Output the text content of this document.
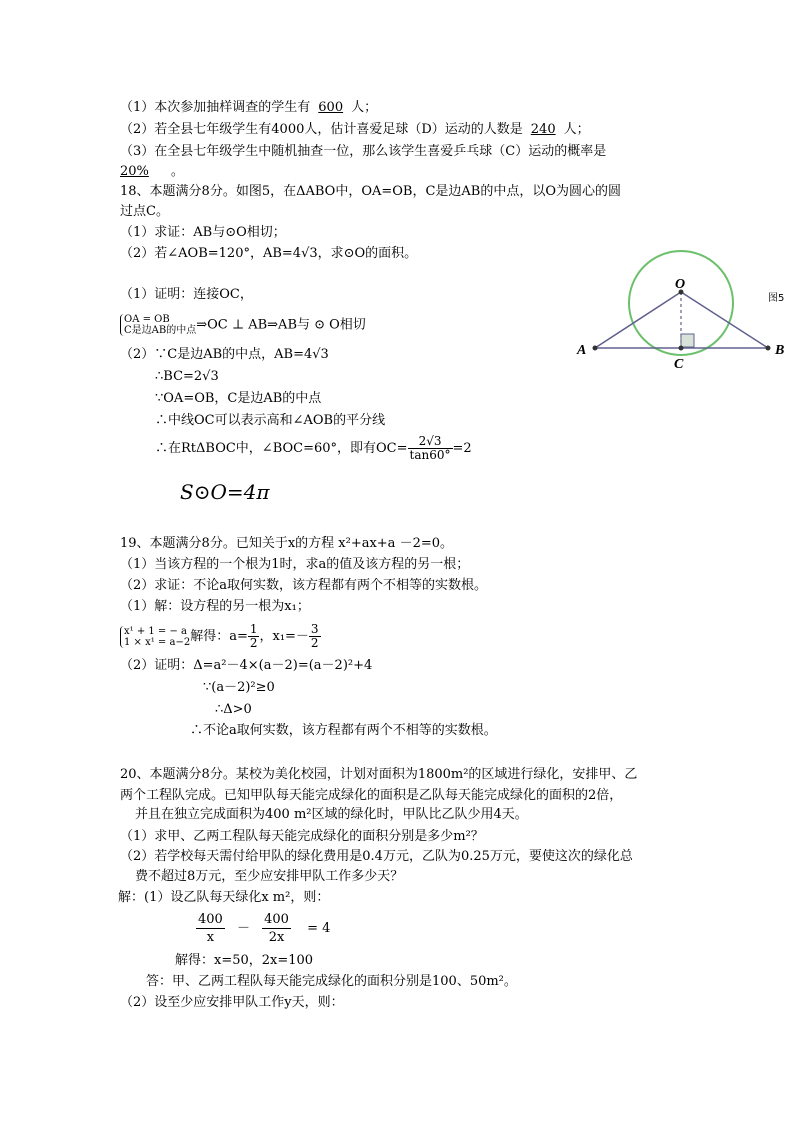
（1）本次参加抽样调查的学生有 600 人；
（2）若全县七年级学生有4000人，估计喜爱足球（D）运动的人数是 240 人；
（3）在全县七年级学生中随机抽查一位，那么该学生喜爱乒乓球（C）运动的概率是
20% 。
18、本题满分8分。如图5，在ΔABO中，OA=OB，C是边AB的中点，以O为圆心的圆
过点C。
（1）求证：AB与⊙O相切；
（2）若∠AOB=120°，AB=4√3，求⊙O的面积。
（1）证明：连接OC，
OA = OB
C是边AB的中点 ⇒OC ⊥ AB⇒AB与 ⊙ O相切
（2）∵C是边AB的中点，AB=4√3
∴BC=2√3
∵OA=OB，C是边AB的中点
∴中线OC可以表示高和∠AOB的平分线
∴在RtΔBOC中，∠BOC=60°，即有$OC= \frac{2√3}{\tan 60^\circ} =2$
S⊙O=4π
O
A	B
C
图5
19、本题满分8分。已知关于x的方程 x²+ax+a －2=0。
（1）当该方程的一个根为1时，求a的值及该方程的另一根；
（2）求证：不论a取何实数，该方程都有两个不相等的实数根。
（1）解：设方程的另一根为x₁；
x¹ + 1 = − a
1 × x¹ = a−2 解得：$a= \frac{1}{2}$ ，$x_1=- \frac{3}{2}$
（2）证明：Δ=a²－4×(a－2)=(a－2)²+4
∵(a－2)²≥0
∴Δ>0
∴不论a取何实数，该方程都有两个不相等的实数根。
20、本题满分8分。某校为美化校园，计划对面积为1800m²的区域进行绿化，安排甲、乙
两个工程队完成。已知甲队每天能完成绿化的面积是乙队每天能完成绿化的面积的2倍，
并且在独立完成面积为400 m²区域的绿化时，甲队比乙队少用4天。
（1）求甲、乙两工程队每天能完成绿化的面积分别是多少m²？
（2）若学校每天需付给甲队的绿化费用是0.4万元，乙队为0.25万元，要使这次的绿化总
费不超过8万元，至少应安排甲队工作多少天？
解：(1）设乙队每天绿化x m²，则：
$\frac{400}{x} - \frac{400}{2x} = 4$
解得：x=50，2x=100
答：甲、乙两工程队每天能完成绿化的面积分别是100、50m²。
（2）设至少应安排甲队工作y天，则：
